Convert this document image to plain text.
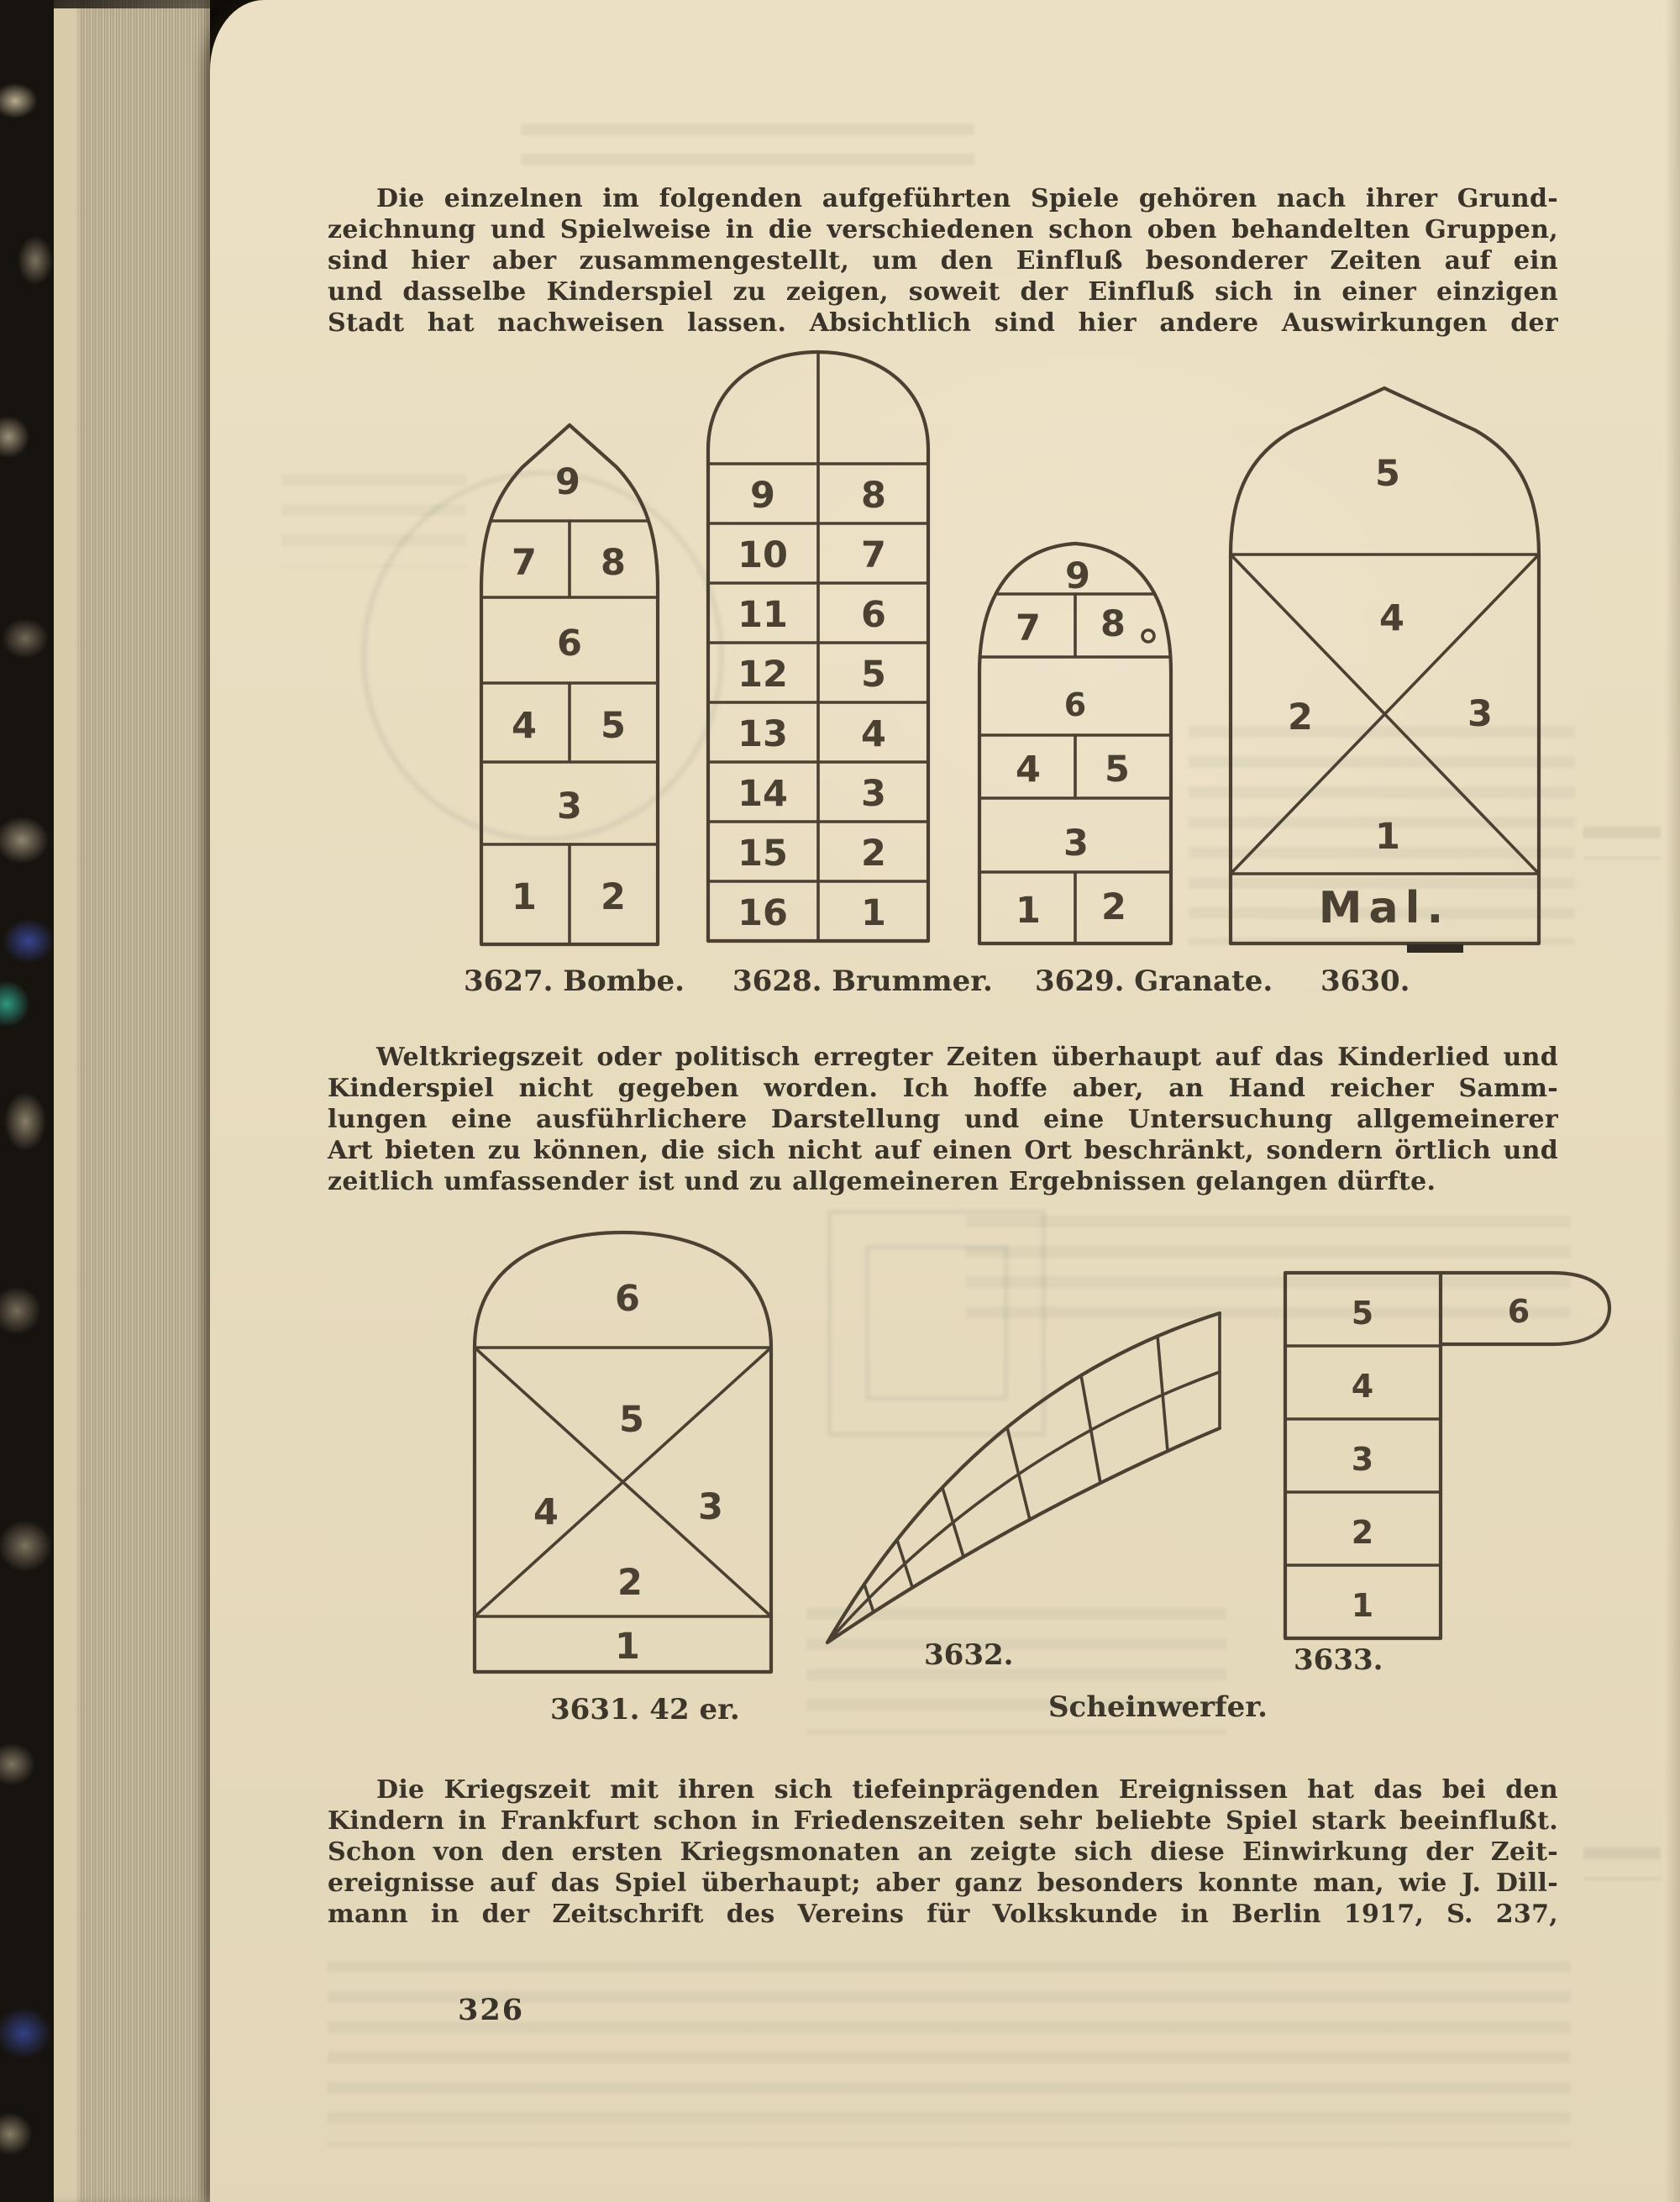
Die einzelnen im folgenden aufgeführten Spiele gehören nach ihrer Grund-
zeichnung und Spielweise in die verschiedenen schon oben behandelten Gruppen,
sind hier aber zusammengestellt, um den Einfluß besonderer Zeiten auf ein
und dasselbe Kinderspiel zu zeigen, soweit der Einfluß sich in einer einzigen
Stadt hat nachweisen lassen. Absichtlich sind hier andere Auswirkungen der
Weltkriegszeit oder politisch erregter Zeiten überhaupt auf das Kinderlied und
Kinderspiel nicht gegeben worden. Ich hoffe aber, an Hand reicher Samm-
lungen eine ausführlichere Darstellung und eine Untersuchung allgemeinerer
Art bieten zu können, die sich nicht auf einen Ort beschränkt, sondern örtlich und
zeitlich umfassender ist und zu allgemeineren Ergebnissen gelangen dürfte.
Die Kriegszeit mit ihren sich tiefeinprägenden Ereignissen hat das bei den
Kindern in Frankfurt schon in Friedenszeiten sehr beliebte Spiel stark beeinflußt.
Schon von den ersten Kriegsmonaten an zeigte sich diese Einwirkung der Zeit-
ereignisse auf das Spiel überhaupt; aber ganz besonders konnte man, wie J. Dill-
mann in der Zeitschrift des Vereins für Volkskunde in Berlin 1917, S. 237,
9
7 8
6
4 5
3
1 2
9
10
11
12
13
14
15
16
8
7
6
5
4
3
2
1
9
7 8
6
4 5
3
1 2
5
4
2	3
1
Mal.
6
5
4	3
2
1
5
4
3
2
1
6
3627. Bombe. 3628. Brummer. 3629. Granate. 3630.
3631. 42 er.
3632.
Scheinwerfer.
3633.
326
